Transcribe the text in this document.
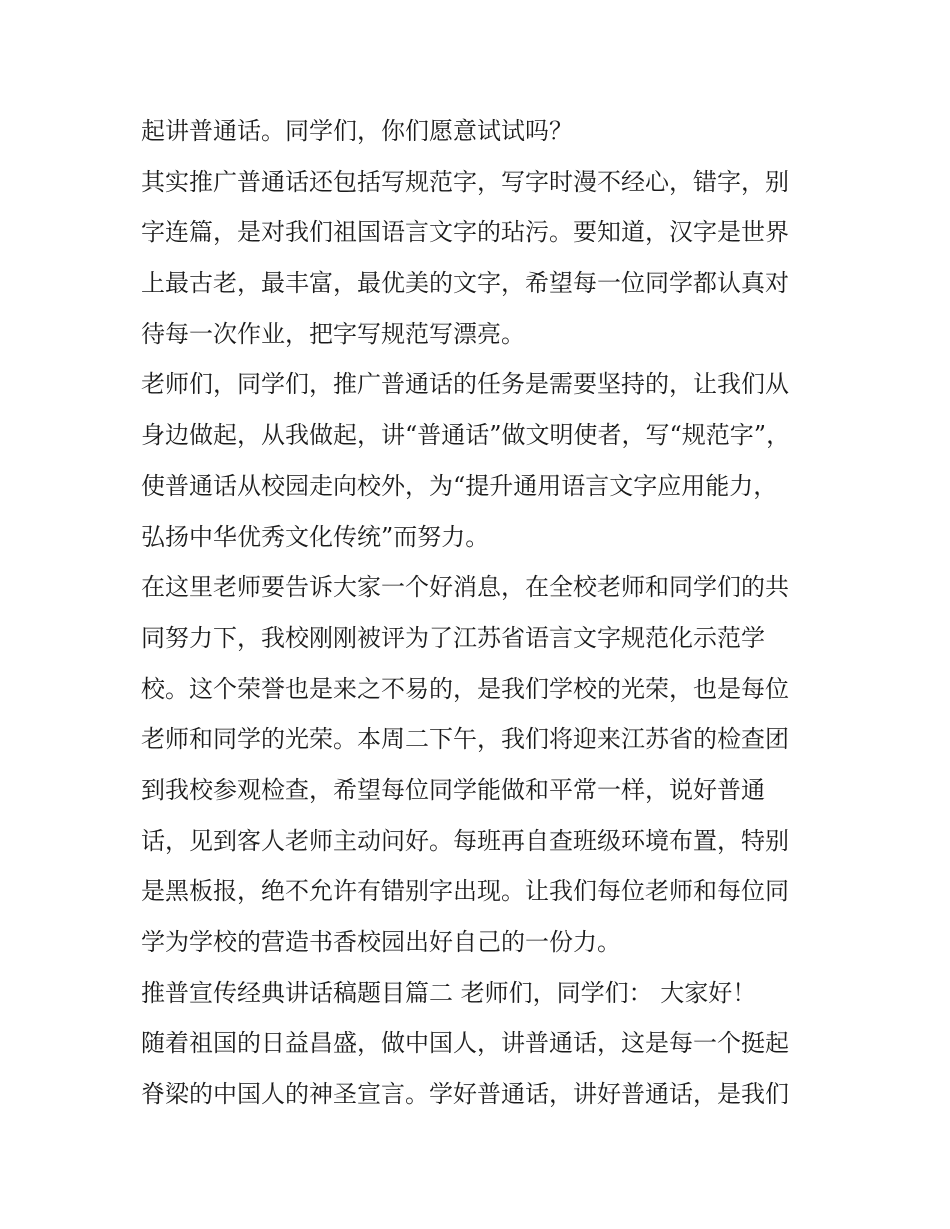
起讲普通话。同学们，你们愿意试试吗？
其实推广普通话还包括写规范字，写字时漫不经心，错字，别
字连篇，是对我们祖国语言文字的玷污。要知道，汉字是世界
上最古老，最丰富，最优美的文字，希望每一位同学都认真对
待每一次作业，把字写规范写漂亮。
老师们，同学们，推广普通话的任务是需要坚持的，让我们从
身边做起，从我做起，讲“普通话”做文明使者，写“规范字”，
使普通话从校园走向校外，为“提升通用语言文字应用能力，
弘扬中华优秀文化传统”而努力。
在这里老师要告诉大家一个好消息，在全校老师和同学们的共
同努力下，我校刚刚被评为了江苏省语言文字规范化示范学
校。这个荣誉也是来之不易的，是我们学校的光荣，也是每位
老师和同学的光荣。本周二下午，我们将迎来江苏省的检查团
到我校参观检查，希望每位同学能做和平常一样，说好普通
话，见到客人老师主动问好。每班再自查班级环境布置，特别
是黑板报，绝不允许有错别字出现。让我们每位老师和每位同
学为学校的营造书香校园出好自己的一份力。
推普宣传经典讲话稿题目篇二 老师们，同学们： 大家好！
随着祖国的日益昌盛，做中国人，讲普通话，这是每一个挺起
脊梁的中国人的神圣宣言。学好普通话，讲好普通话，是我们
